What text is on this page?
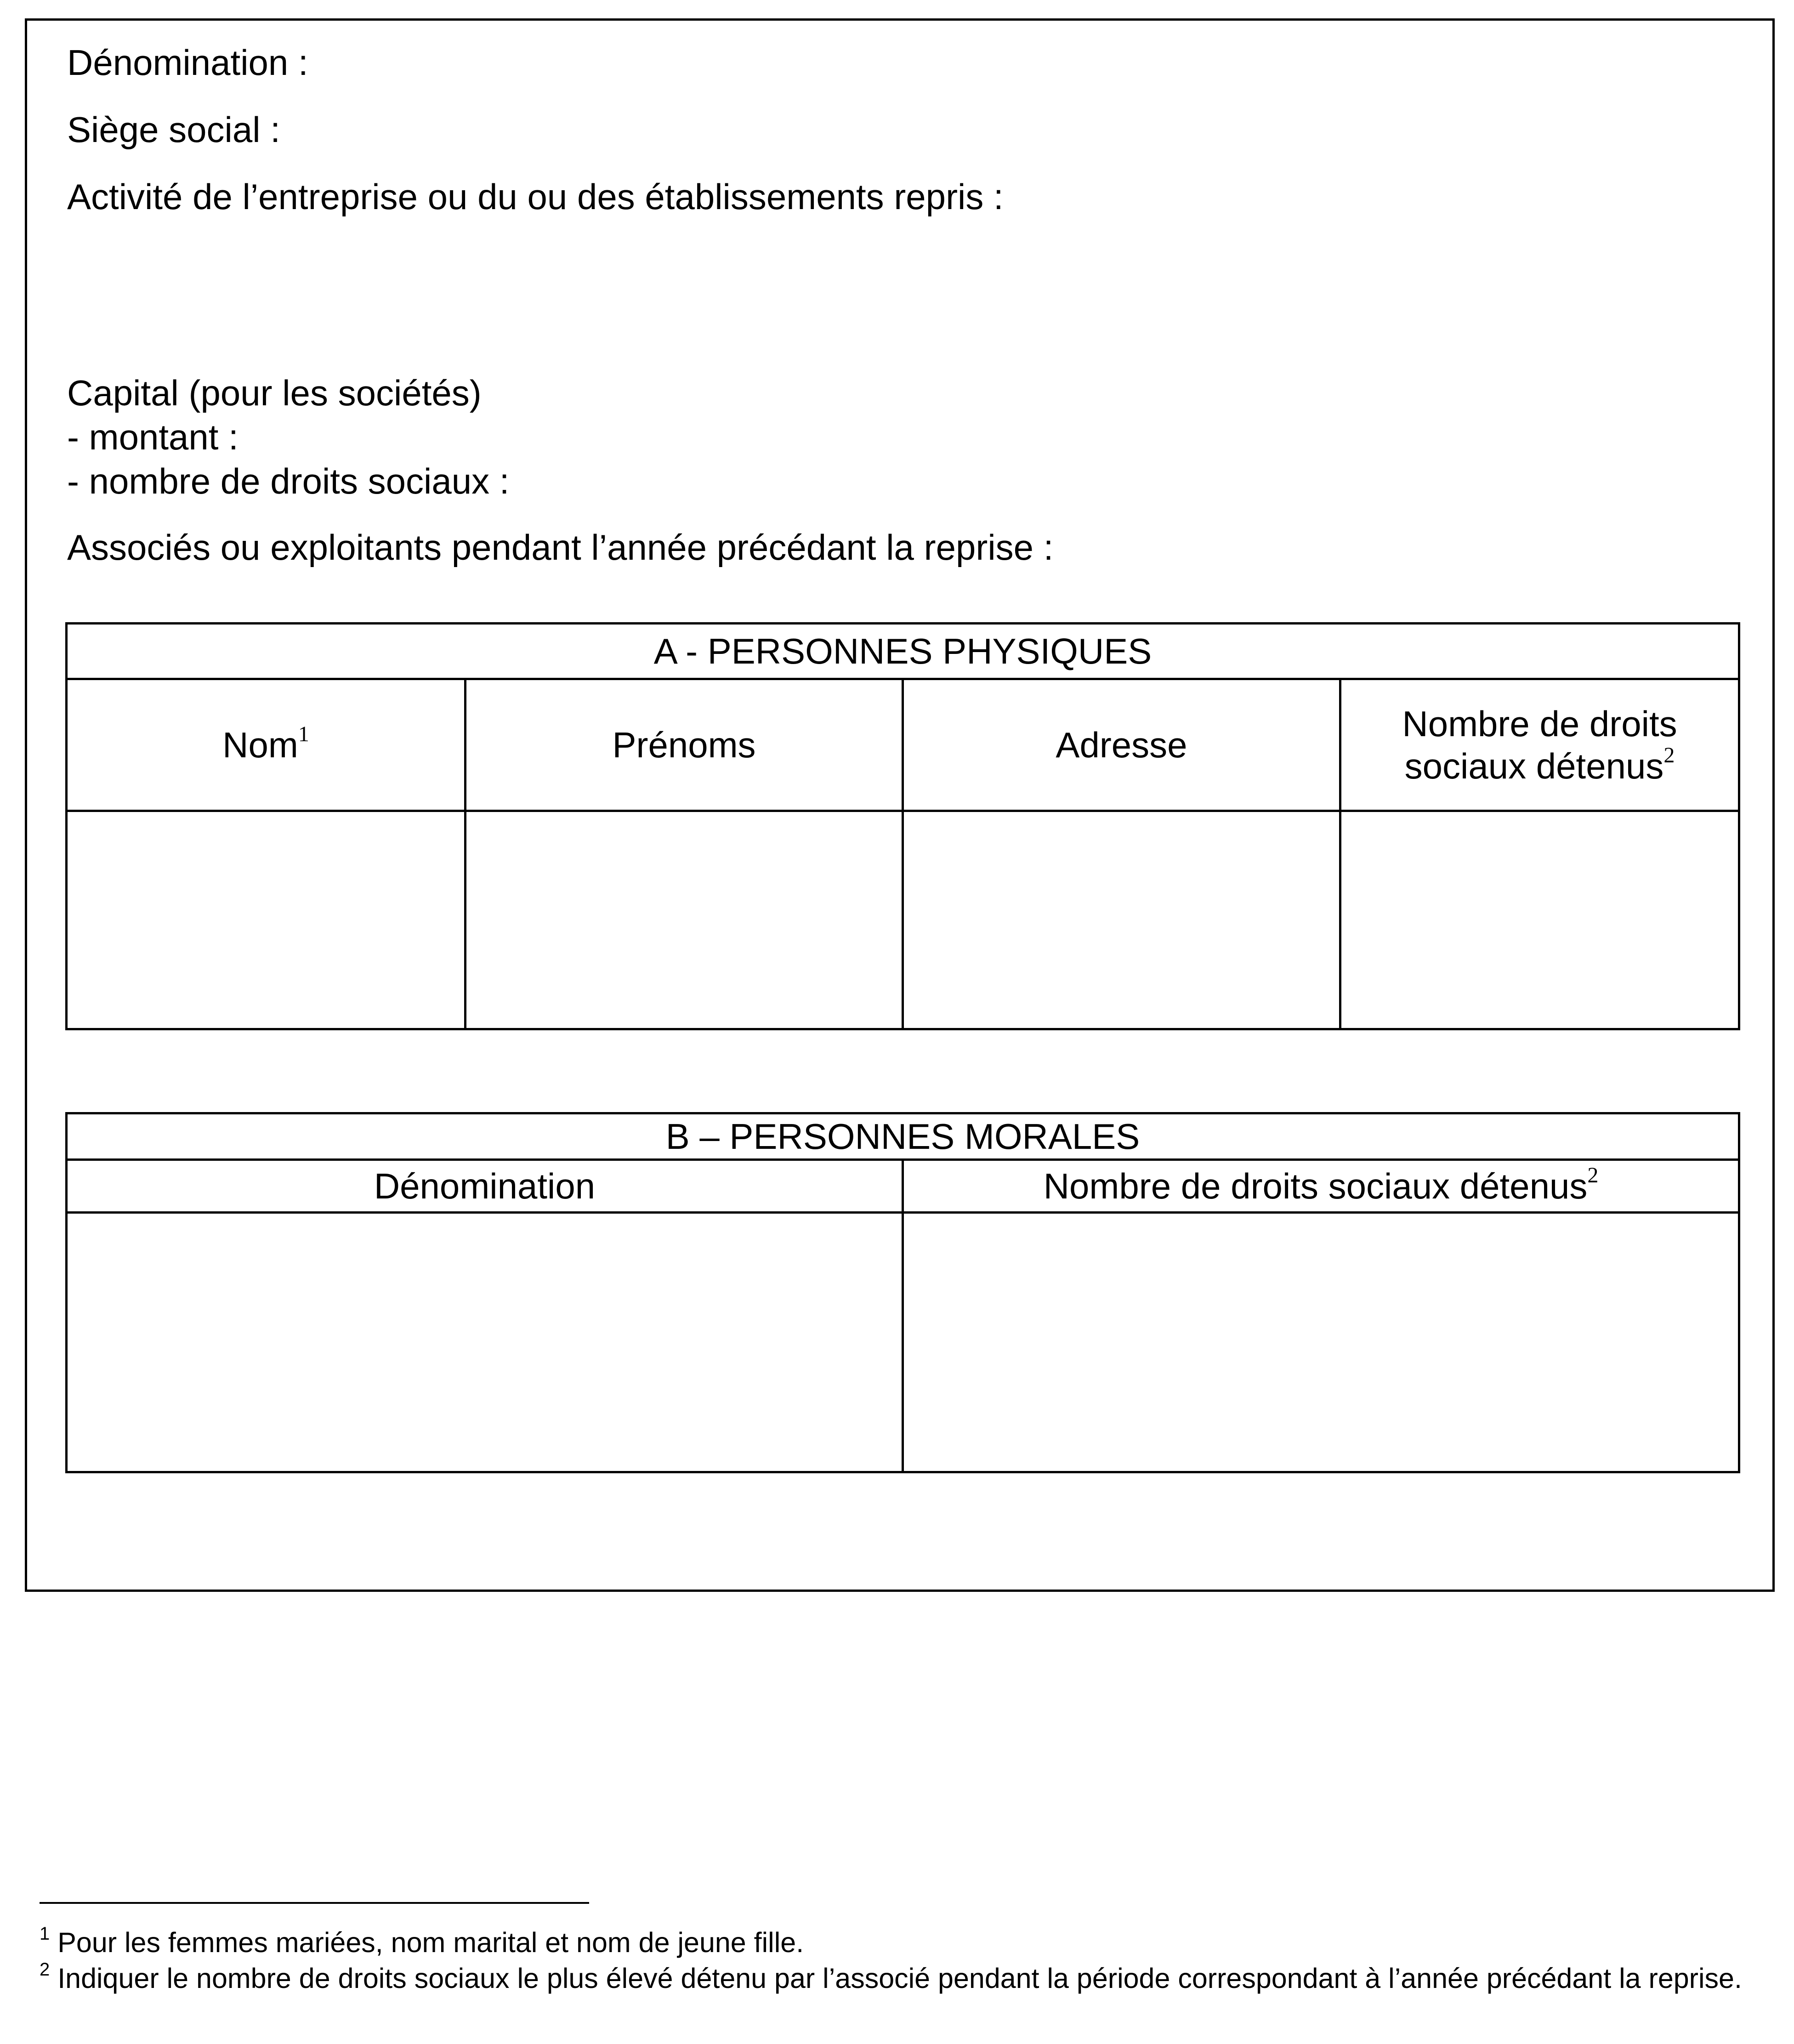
Dénomination :
Siège social :
Activité de l’entreprise ou du ou des établissements repris :
Capital (pour les sociétés)
- montant :
- nombre de droits sociaux :
Associés ou exploitants pendant l’année précédant la reprise :
A - PERSONNES PHYSIQUES			
Nom$^1$	Prénoms	Adresse	Nombre de droits
sociaux détenus$^2$

B – PERSONNES MORALES	
Dénomination	Nombre de droits sociaux détenus$^2$

$^1$ Pour les femmes mariées, nom marital et nom de jeune fille.
$^2$ Indiquer le nombre de droits sociaux le plus élevé détenu par l’associé pendant la période correspondant à l’année précédant la reprise.
